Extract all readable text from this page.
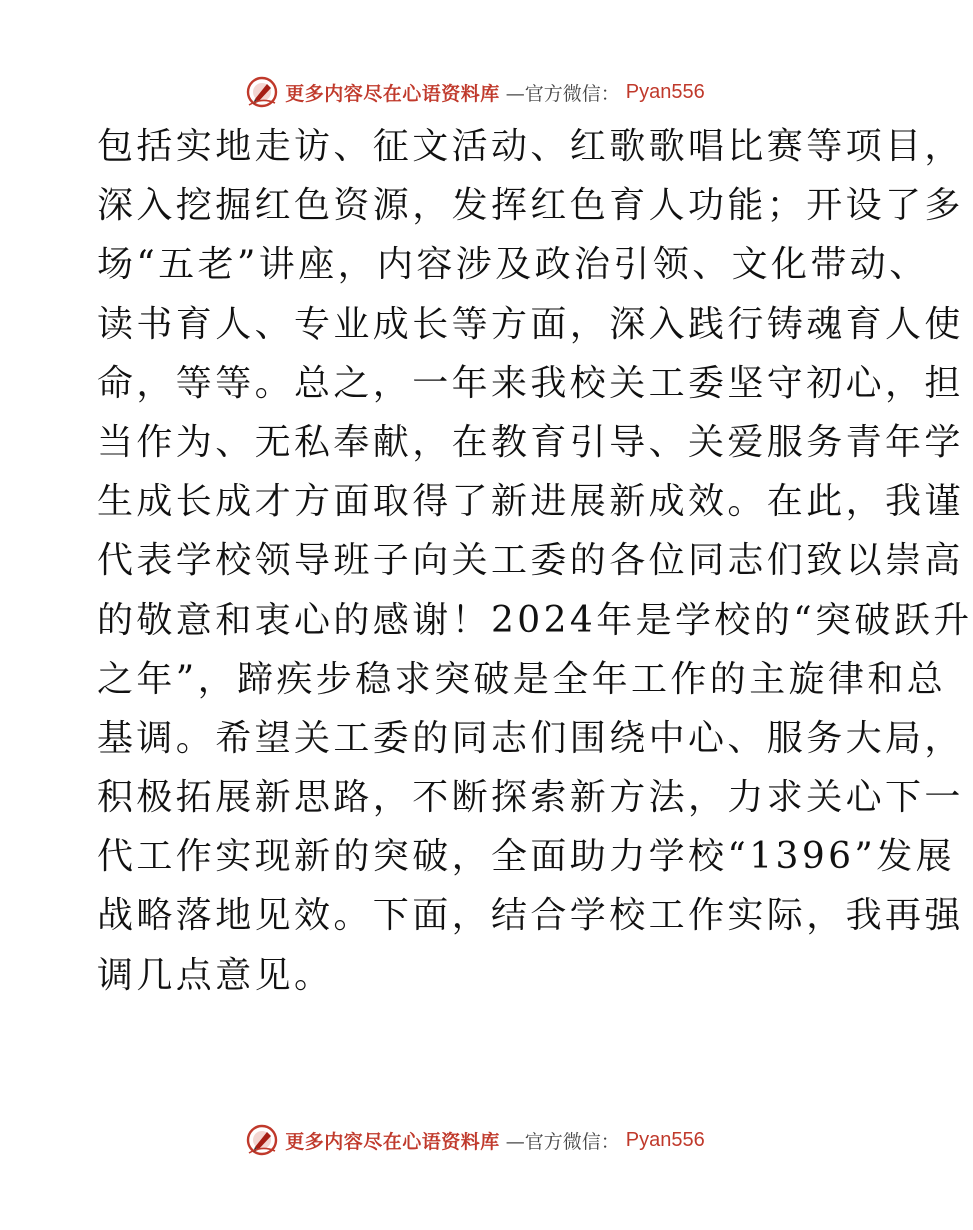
更多内容尽在心语资料库 —官方微信： Pyan556
包括实地走访、征文活动、红歌歌唱比赛等项目，
深入挖掘红色资源，发挥红色育人功能；开设了多
场“五老”讲座，内容涉及政治引领、文化带动、
读书育人、专业成长等方面，深入践行铸魂育人使
命，等等。总之，一年来我校关工委坚守初心，担
当作为、无私奉献，在教育引导、关爱服务青年学
生成长成才方面取得了新进展新成效。在此，我谨
代表学校领导班子向关工委的各位同志们致以崇高
的敬意和衷心的感谢！2024年是学校的“突破跃升
之年”，蹄疾步稳求突破是全年工作的主旋律和总
基调。希望关工委的同志们围绕中心、服务大局，
积极拓展新思路，不断探索新方法，力求关心下一
代工作实现新的突破，全面助力学校“1396”发展
战略落地见效。下面，结合学校工作实际，我再强
调几点意见。
更多内容尽在心语资料库 —官方微信： Pyan556
